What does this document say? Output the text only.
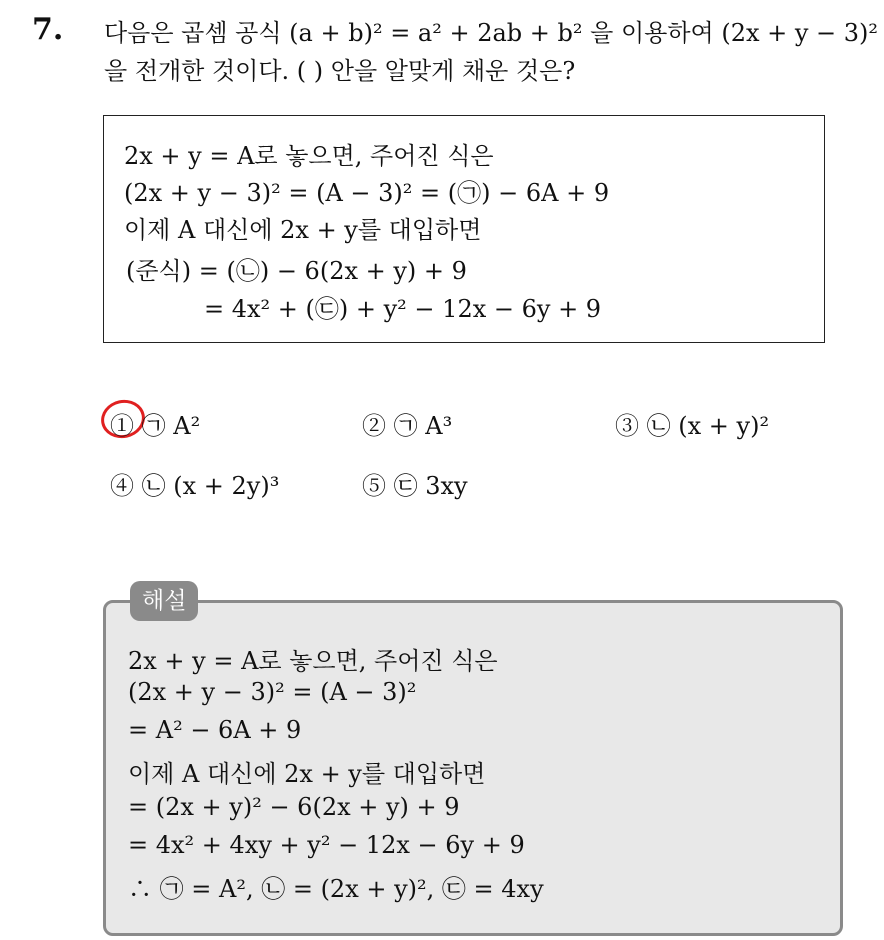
7. 다음은 곱셈 공식 (a + b)² = a² + 2ab + b² 을 이용하여 (2x + y − 3)²

을 전개한 것이다. ( ) 안을 알맞게 채운 것은?

2x + y = A로 놓으면, 주어진 식은
(2x + y − 3)² = (A − 3)² = (㉠) − 6A + 9
이제 A 대신에 2x + y를 대입하면
(준식) = (㉡) − 6(2x + y) + 9
= 4x² + (㉢) + y² − 12x − 6y + 9
① ㉠ A²	② ㉠ A³	③ ㉡ (x + y)²
④ ㉡ (x + 2y)³	⑤ ㉢ 3xy
2x + y = A로 놓으면, 주어진 식은
(2x + y − 3)² = (A − 3)²
= A² − 6A + 9
이제 A 대신에 2x + y를 대입하면
= (2x + y)² − 6(2x + y) + 9
= 4x² + 4xy + y² − 12x − 6y + 9
∴ ㉠ = A², ㉡ = (2x + y)², ㉢ = 4xy
해설
